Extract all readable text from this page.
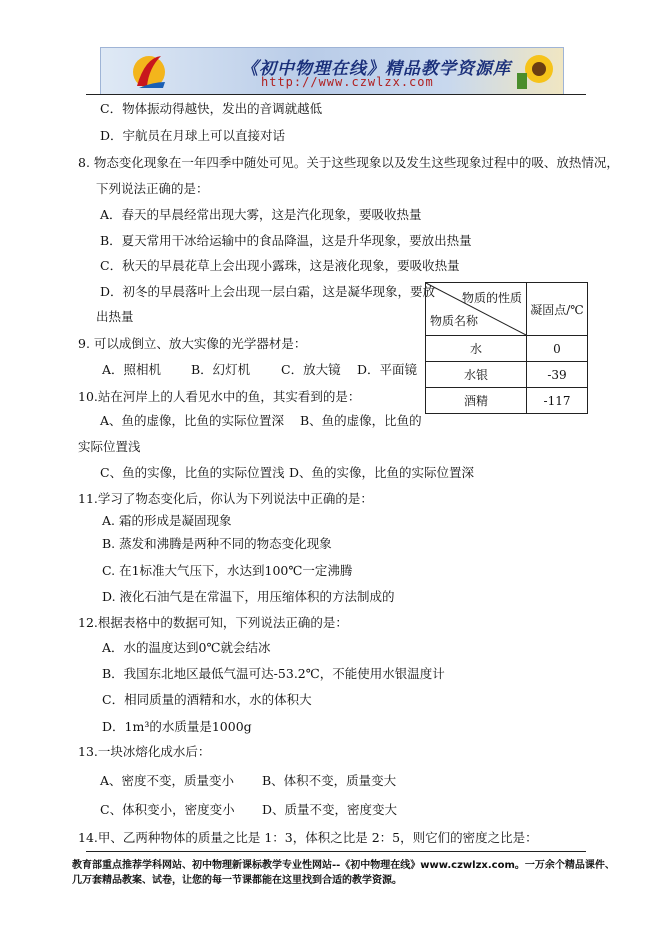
《初中物理在线》精品教学资源库
http://www.czwlzx.com
C．物体振动得越快，发出的音调就越低
D．宇航员在月球上可以直接对话
8. 物态变化现象在一年四季中随处可见。关于这些现象以及发生这些现象过程中的吸、放热情况，
下列说法正确的是：
A．春天的早晨经常出现大雾，这是汽化现象，要吸收热量
B．夏天常用干冰给运输中的食品降温，这是升华现象，要放出热量
C．秋天的早晨花草上会出现小露珠，这是液化现象，要吸收热量
D．初冬的早晨落叶上会出现一层白霜，这是凝华现象，要放
出热量
9. 可以成倒立、放大实像的光学器材是：
A．照相机 B．幻灯机 C．放大镜 D．平面镜
10.站在河岸上的人看见水中的鱼，其实看到的是：
A、鱼的虚像，比鱼的实际位置深 B、鱼的虚像，比鱼的
实际位置浅
C、鱼的实像，比鱼的实际位置浅 D、鱼的实像，比鱼的实际位置深
11.学习了物态变化后，你认为下列说法中正确的是：
A. 霜的形成是凝固现象
B. 蒸发和沸腾是两种不同的物态变化现象
C. 在1标准大气压下，水达到100℃一定沸腾
D. 液化石油气是在常温下，用压缩体积的方法制成的
12.根据表格中的数据可知，下列说法正确的是：
A．水的温度达到0℃就会结冰
B．我国东北地区最低气温可达-53.2℃，不能使用水银温度计
C．相同质量的酒精和水，水的体积大
D．1m³的水质量是1000g
13.一块冰熔化成水后：
A、密度不变，质量变小 B、体积不变，质量变大
C、体积变小，密度变小 D、质量不变，密度变大
14.甲、乙两种物体的质量之比是 1：3，体积之比是 2：5，则它们的密度之比是：
物质的性质
物质名称	凝固点/℃
水	0
水银	-39
酒精	-117
教育部重点推荐学科网站、初中物理新课标教学专业性网站--《初中物理在线》www.czwlzx.com。一万余个精品课件、
几万套精品教案、试卷，让您的每一节课都能在这里找到合适的教学资源。
